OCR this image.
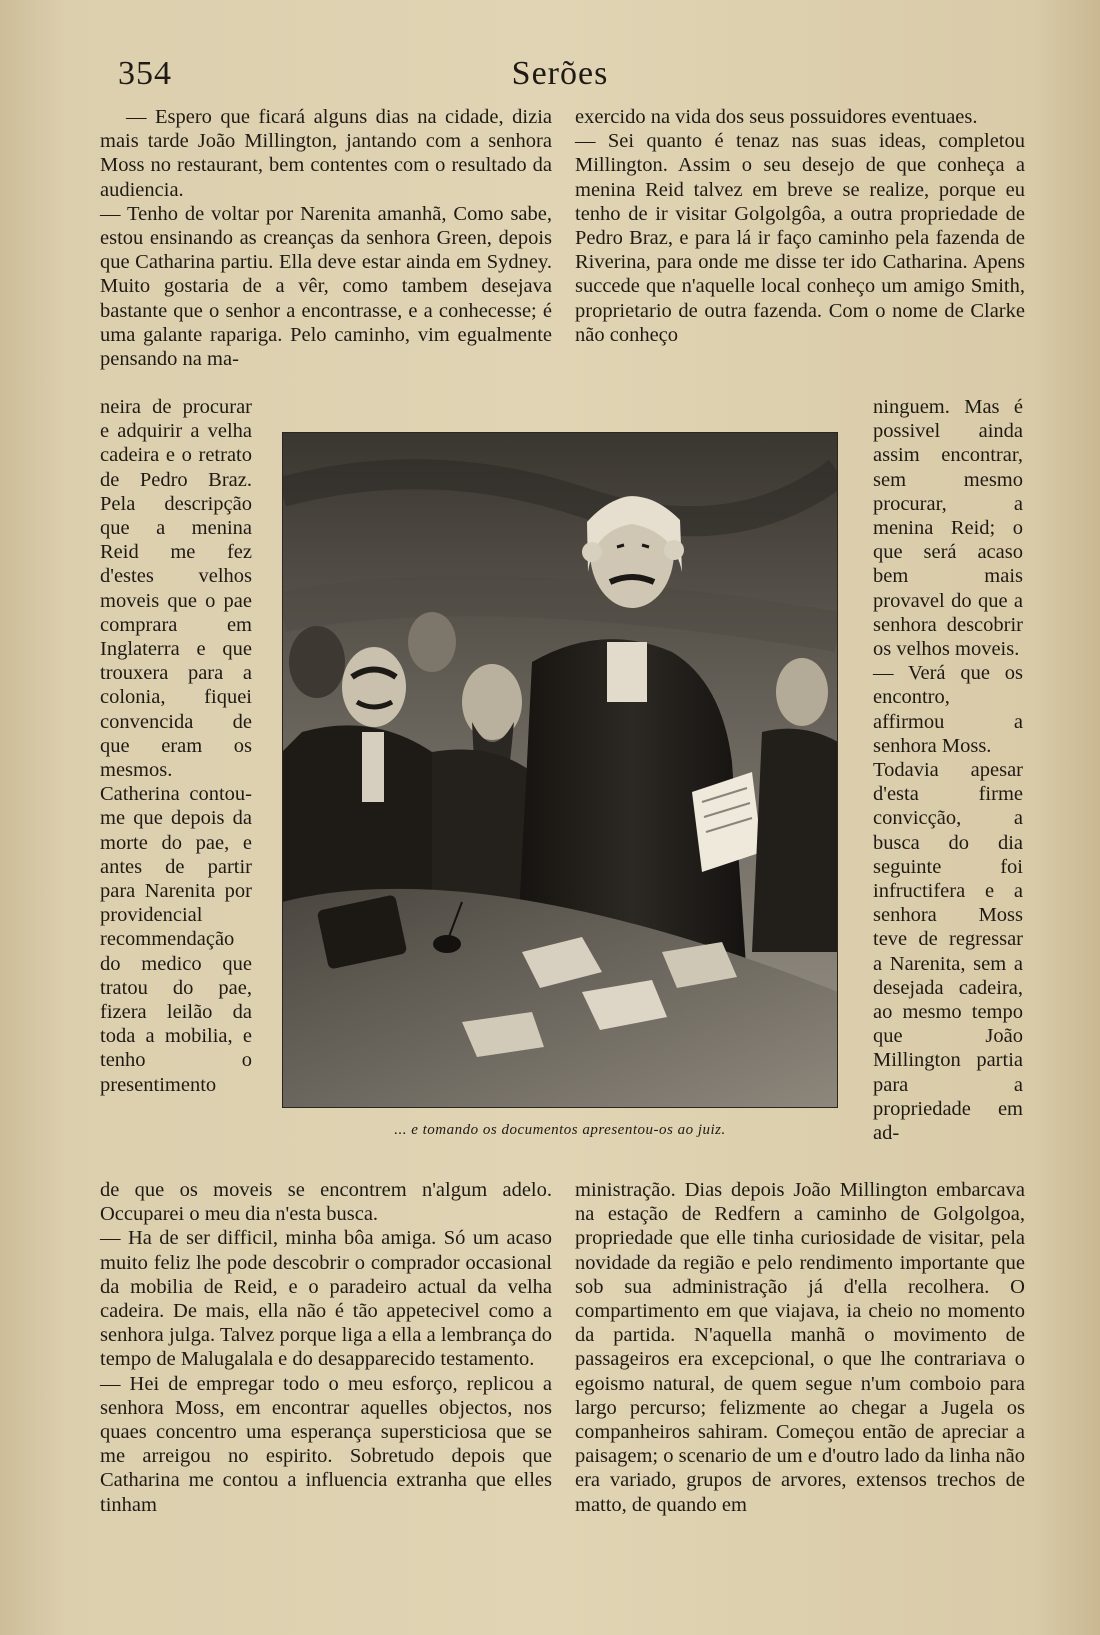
354	Serões

— Espero que ficará alguns dias na cidade, dizia mais tarde João Millington, jantando com a senhora Moss no restaurant, bem contentes com o resultado da audiencia.

— Tenho de voltar por Narenita amanhã, Como sabe, estou ensinando as creanças da senhora Green, depois que Catharina partiu. Ella deve estar ainda em Sydney. Muito gostaria de a vêr, como tambem desejava bastante que o senhor a encontrasse, e a conhecesse; é uma galante rapariga. Pelo caminho, vim egualmente pensando na ma-

neira de procurar e adquirir a velha cadeira e o retrato de Pedro Braz. Pela descripção que a menina Reid me fez d'estes velhos moveis que o pae comprara em Inglaterra e que trouxera para a colonia, fiquei convencida de que eram os mesmos. Catherina contou-me que depois da morte do pae, e antes de partir para Narenita por providencial recommendação do medico que tratou do pae, fizera leilão da toda a mobilia, e tenho o presentimento

de que os moveis se encontrem n'algum adelo. Occuparei o meu dia n'esta busca.

— Ha de ser difficil, minha bôa amiga. Só um acaso muito feliz lhe pode descobrir o comprador occasional da mobilia de Reid, e o paradeiro actual da velha cadeira. De mais, ella não é tão appetecivel como a senhora julga. Talvez porque liga a ella a lembrança do tempo de Malugalala e do desapparecido testamento.

— Hei de empregar todo o meu esforço, replicou a senhora Moss, em encontrar aquelles objectos, nos quaes concentro uma esperança supersticiosa que se me arreigou no espirito. Sobretudo depois que Catharina me contou a influencia extranha que elles tinham

exercido na vida dos seus possuidores eventuaes.

— Sei quanto é tenaz nas suas ideas, completou Millington. Assim o seu desejo de que conheça a menina Reid talvez em breve se realize, porque eu tenho de ir visitar Golgolgôa, a outra propriedade de Pedro Braz, e para lá ir faço caminho pela fazenda de Riverina, para onde me disse ter ido Catharina. Apens succede que n'aquelle local conheço um amigo Smith, proprietario de outra fazenda. Com o nome de Clarke não conheço

ninguem. Mas é possivel ainda assim encontrar, sem mesmo procurar, a menina Reid; o que será acaso bem mais provavel do que a senhora descobrir os velhos moveis.

— Verá que os encontro, affirmou a senhora Moss.

Todavia apesar d'esta firme convicção, a busca do dia seguinte foi infructifera e a senhora Moss teve de regressar a Narenita, sem a desejada cadeira, ao mesmo tempo que João Millington partia para a propriedade em ad-

ministração. Dias depois João Millington embarcava na estação de Redfern a caminho de Golgolgoa, propriedade que elle tinha curiosidade de visitar, pela novidade da região e pelo rendimento importante que sob sua administração já d'ella recolhera. O compartimento em que viajava, ia cheio no momento da partida. N'aquella manhã o movimento de passageiros era excepcional, o que lhe contrariava o egoismo natural, de quem segue n'um comboio para largo percurso; felizmente ao chegar a Jugela os companheiros sahiram. Começou então de apreciar a paisagem; o scenario de um e d'outro lado da linha não era variado, grupos de arvores, extensos trechos de matto, de quando em

... e tomando os documentos apresentou-os ao juiz.
